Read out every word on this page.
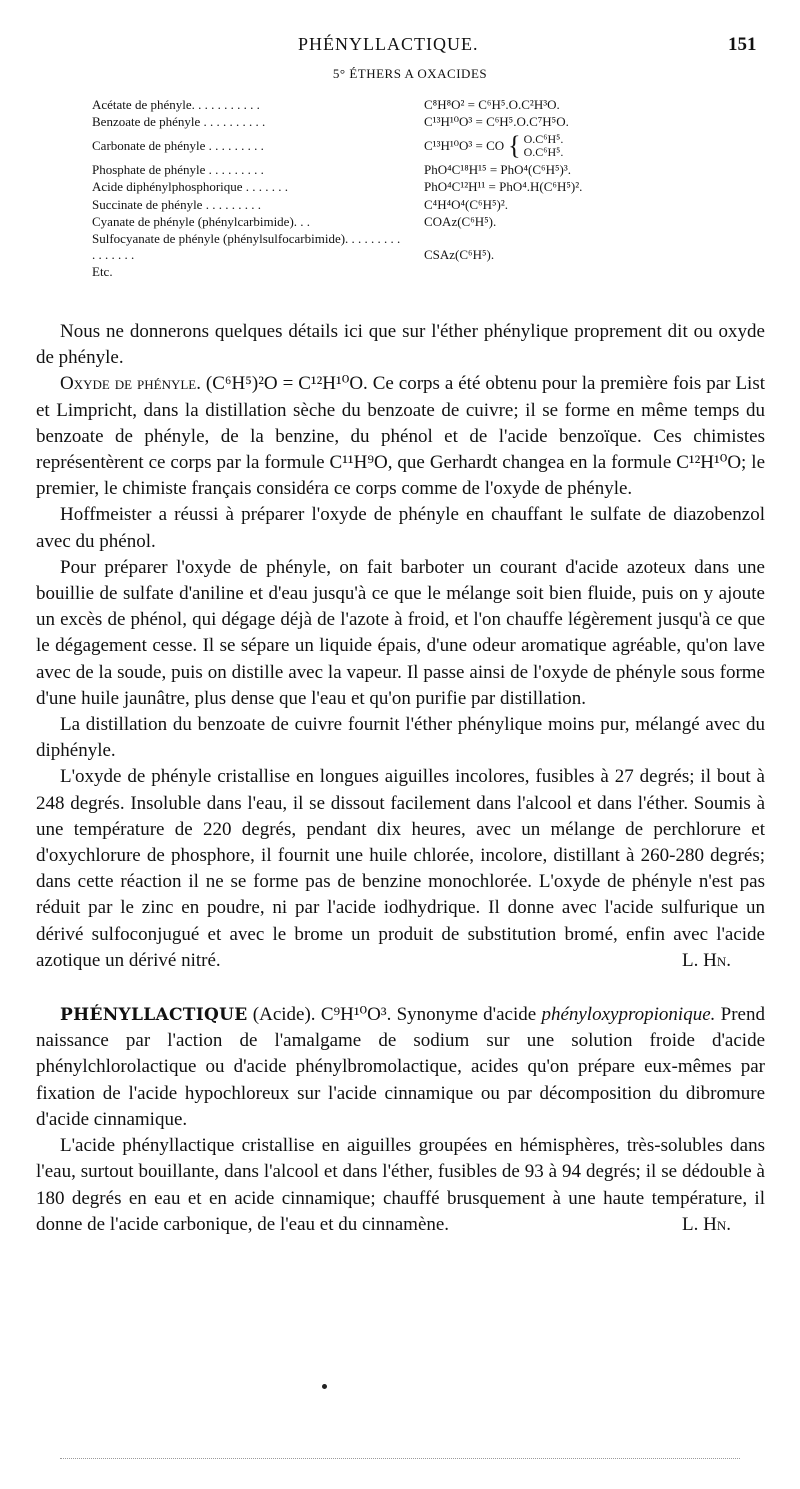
PHÉNYLLACTIQUE.	151
5° ÉTHERS A OXACIDES
Acétate de phényle. . . . . . . . . . .	C⁸H⁸O² = C⁶H⁵.O.C²H³O.
Benzoate de phényle . . . . . . . . . .	C¹³H¹⁰O³ = C⁶H⁵.O.C⁷H⁵O.
Carbonate de phényle . . . . . . . . .	C¹³H¹⁰O³ = CO { O.C⁶H⁵.
O.C⁶H⁵.
Phosphate de phényle . . . . . . . . .	PhO⁴C¹⁸H¹⁵ = PhO⁴(C⁶H⁵)³.
Acide diphénylphosphorique . . . . . . .	PhO⁴C¹²H¹¹ = PhO⁴.H(C⁶H⁵)².
Succinate de phényle . . . . . . . . .	C⁴H⁴O⁴(C⁶H⁵)².
Cyanate de phényle (phénylcarbimide). . .	COAz(C⁶H⁵).
Sulfocyanate de phényle (phénylsulfocarbimide). . . . . . . . . . . . . . . .	CSAz(C⁶H⁵).
Etc.

Nous ne donnerons quelques détails ici que sur l'éther phénylique proprement dit ou oxyde de phényle.

Oxyde de phényle. (C⁶H⁵)²O = C¹²H¹⁰O. Ce corps a été obtenu pour la première fois par List et Limpricht, dans la distillation sèche du benzoate de cuivre; il se forme en même temps du benzoate de phényle, de la benzine, du phénol et de l'acide benzoïque. Ces chimistes représentèrent ce corps par la formule C¹¹H⁹O, que Gerhardt changea en la formule C¹²H¹⁰O; le premier, le chimiste français considéra ce corps comme de l'oxyde de phényle.

Hoffmeister a réussi à préparer l'oxyde de phényle en chauffant le sulfate de diazobenzol avec du phénol.

Pour préparer l'oxyde de phényle, on fait barboter un courant d'acide azoteux dans une bouillie de sulfate d'aniline et d'eau jusqu'à ce que le mélange soit bien fluide, puis on y ajoute un excès de phénol, qui dégage déjà de l'azote à froid, et l'on chauffe légèrement jusqu'à ce que le dégagement cesse. Il se sépare un liquide épais, d'une odeur aromatique agréable, qu'on lave avec de la soude, puis on distille avec la vapeur. Il passe ainsi de l'oxyde de phényle sous forme d'une huile jaunâtre, plus dense que l'eau et qu'on purifie par distillation.

La distillation du benzoate de cuivre fournit l'éther phénylique moins pur, mélangé avec du diphényle.

L'oxyde de phényle cristallise en longues aiguilles incolores, fusibles à 27 degrés; il bout à 248 degrés. Insoluble dans l'eau, il se dissout facilement dans l'alcool et dans l'éther. Soumis à une température de 220 degrés, pendant dix heures, avec un mélange de perchlorure et d'oxychlorure de phosphore, il fournit une huile chlorée, incolore, distillant à 260-280 degrés; dans cette réaction il ne se forme pas de benzine monochlorée. L'oxyde de phényle n'est pas réduit par le zinc en poudre, ni par l'acide iodhydrique. Il donne avec l'acide sulfurique un dérivé sulfoconjugué et avec le brome un produit de substitution bromé, enfin avec l'acide azotique un dérivé nitré.	L. Hn.

PHÉNYLLACTIQUE (Acide). C⁹H¹⁰O³. Synonyme d'acide phényloxypropionique. Prend naissance par l'action de l'amalgame de sodium sur une solution froide d'acide phénylchlorolactique ou d'acide phénylbromolactique, acides qu'on prépare eux-mêmes par fixation de l'acide hypochloreux sur l'acide cinnamique ou par décomposition du dibromure d'acide cinnamique.

L'acide phényllactique cristallise en aiguilles groupées en hémisphères, très-solubles dans l'eau, surtout bouillante, dans l'alcool et dans l'éther, fusibles de 93 à 94 degrés; il se dédouble à 180 degrés en eau et en acide cinnamique; chauffé brusquement à une haute température, il donne de l'acide carbonique, de l'eau et du cinnamène.	L. Hn.
